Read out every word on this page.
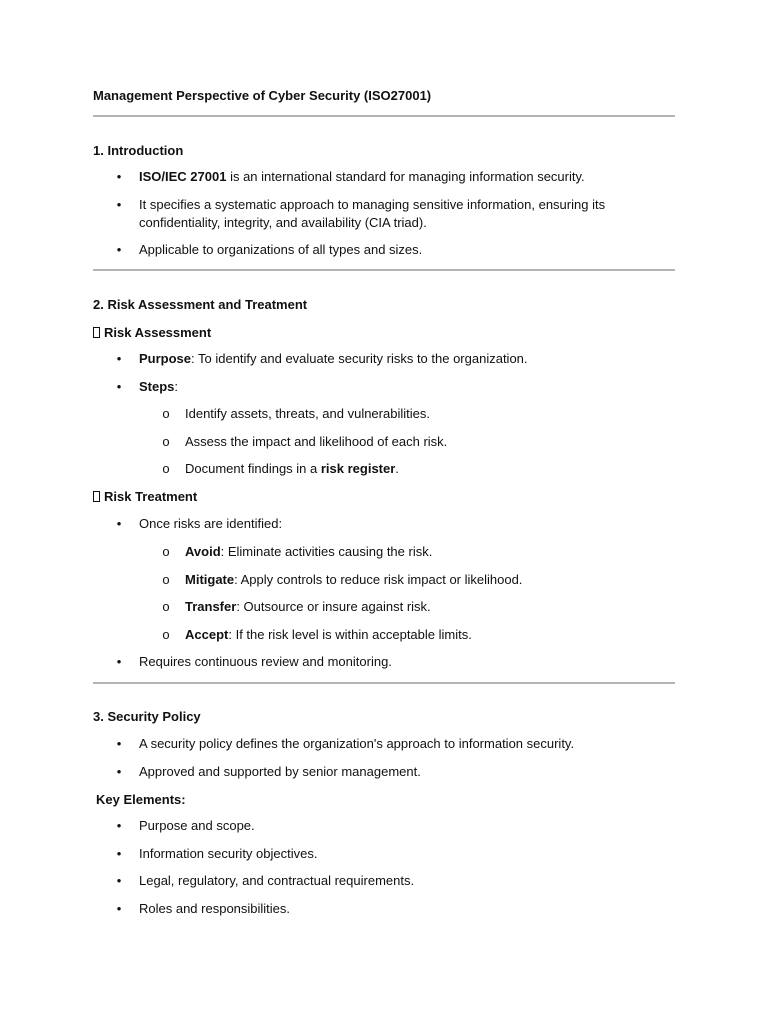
Management Perspective of Cyber Security (ISO27001)
1. Introduction
• ISO/IEC 27001 is an international standard for managing information security.
• It specifies a systematic approach to managing sensitive information, ensuring its
confidentiality, integrity, and availability (CIA triad).
• Applicable to organizations of all types and sizes.
2. Risk Assessment and Treatment
Risk Assessment
• Purpose: To identify and evaluate security risks to the organization.
• Steps:
o Identify assets, threats, and vulnerabilities.
o Assess the impact and likelihood of each risk.
o Document findings in a risk register.
Risk Treatment
• Once risks are identified:
o Avoid: Eliminate activities causing the risk.
o Mitigate: Apply controls to reduce risk impact or likelihood.
o Transfer: Outsource or insure against risk.
o Accept: If the risk level is within acceptable limits.
• Requires continuous review and monitoring.
3. Security Policy
• A security policy defines the organization's approach to information security.
• Approved and supported by senior management.
Key Elements:
• Purpose and scope.
• Information security objectives.
• Legal, regulatory, and contractual requirements.
• Roles and responsibilities.
